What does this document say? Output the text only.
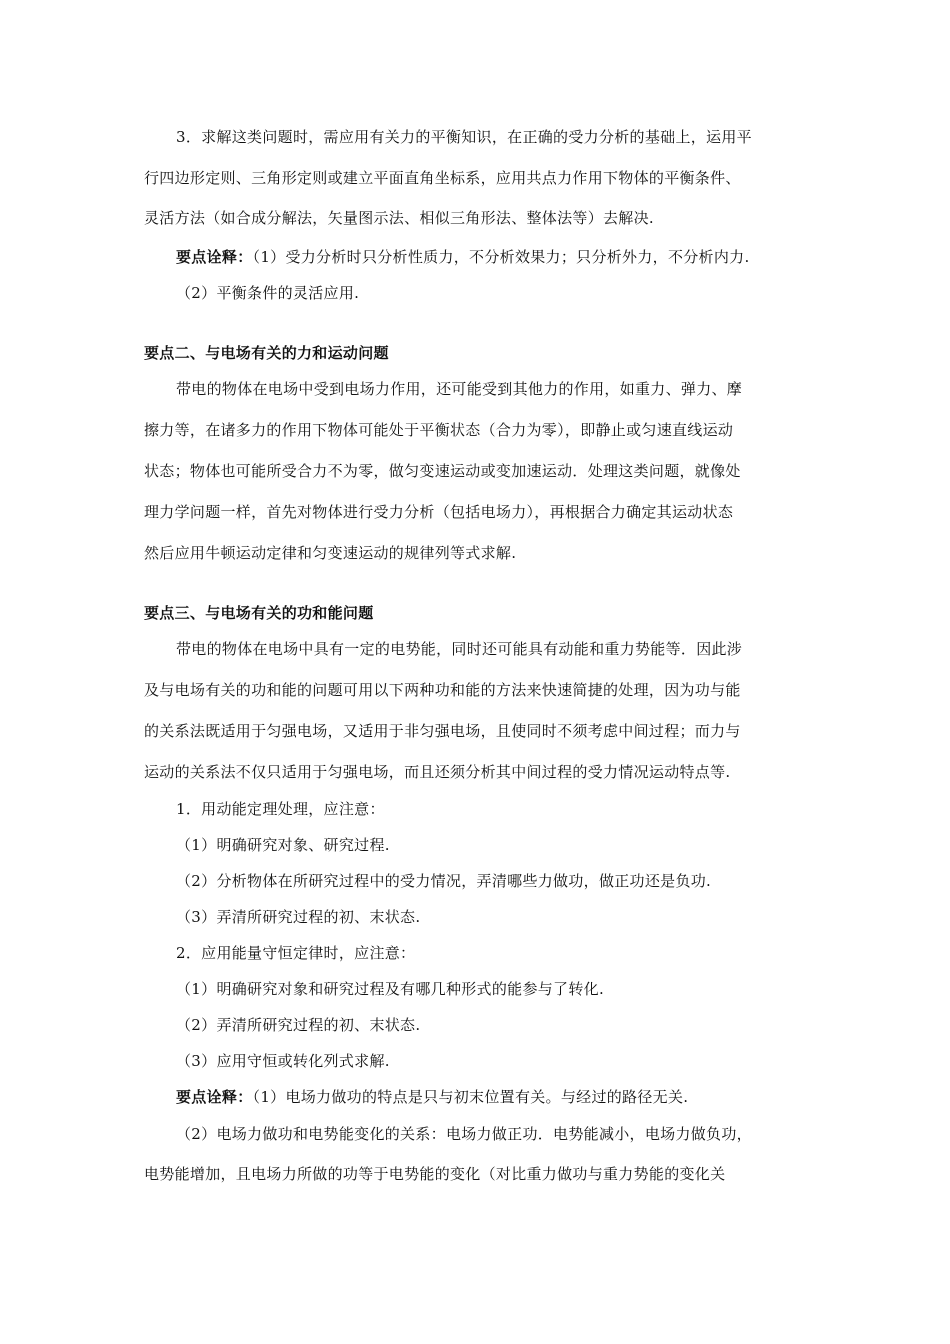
3．求解这类问题时，需应用有关力的平衡知识，在正确的受力分析的基础上，运用平
行四边形定则、三角形定则或建立平面直角坐标系，应用共点力作用下物体的平衡条件、
灵活方法（如合成分解法，矢量图示法、相似三角形法、整体法等）去解决.
要点诠释：（1）受力分析时只分析性质力，不分析效果力；只分析外力，不分析内力.
（2）平衡条件的灵活应用.
要点二、与电场有关的力和运动问题
带电的物体在电场中受到电场力作用，还可能受到其他力的作用，如重力、弹力、摩
擦力等，在诸多力的作用下物体可能处于平衡状态（合力为零），即静止或匀速直线运动
状态；物体也可能所受合力不为零，做匀变速运动或变加速运动．处理这类问题，就像处
理力学问题一样，首先对物体进行受力分析（包括电场力），再根据合力确定其运动状态
然后应用牛顿运动定律和匀变速运动的规律列等式求解.
要点三、与电场有关的功和能问题
带电的物体在电场中具有一定的电势能，同时还可能具有动能和重力势能等．因此涉
及与电场有关的功和能的问题可用以下两种功和能的方法来快速简捷的处理，因为功与能
的关系法既适用于匀强电场，又适用于非匀强电场，且使同时不须考虑中间过程；而力与
运动的关系法不仅只适用于匀强电场，而且还须分析其中间过程的受力情况运动特点等.
1．用动能定理处理，应注意：
（1）明确研究对象、研究过程.
（2）分析物体在所研究过程中的受力情况，弄清哪些力做功，做正功还是负功.
（3）弄清所研究过程的初、末状态.
2．应用能量守恒定律时，应注意：
（1）明确研究对象和研究过程及有哪几种形式的能参与了转化.
（2）弄清所研究过程的初、末状态.
（3）应用守恒或转化列式求解.
要点诠释：（1）电场力做功的特点是只与初末位置有关。与经过的路径无关.
（2）电场力做功和电势能变化的关系：电场力做正功．电势能减小，电场力做负功，
电势能增加，且电场力所做的功等于电势能的变化（对比重力做功与重力势能的变化关
